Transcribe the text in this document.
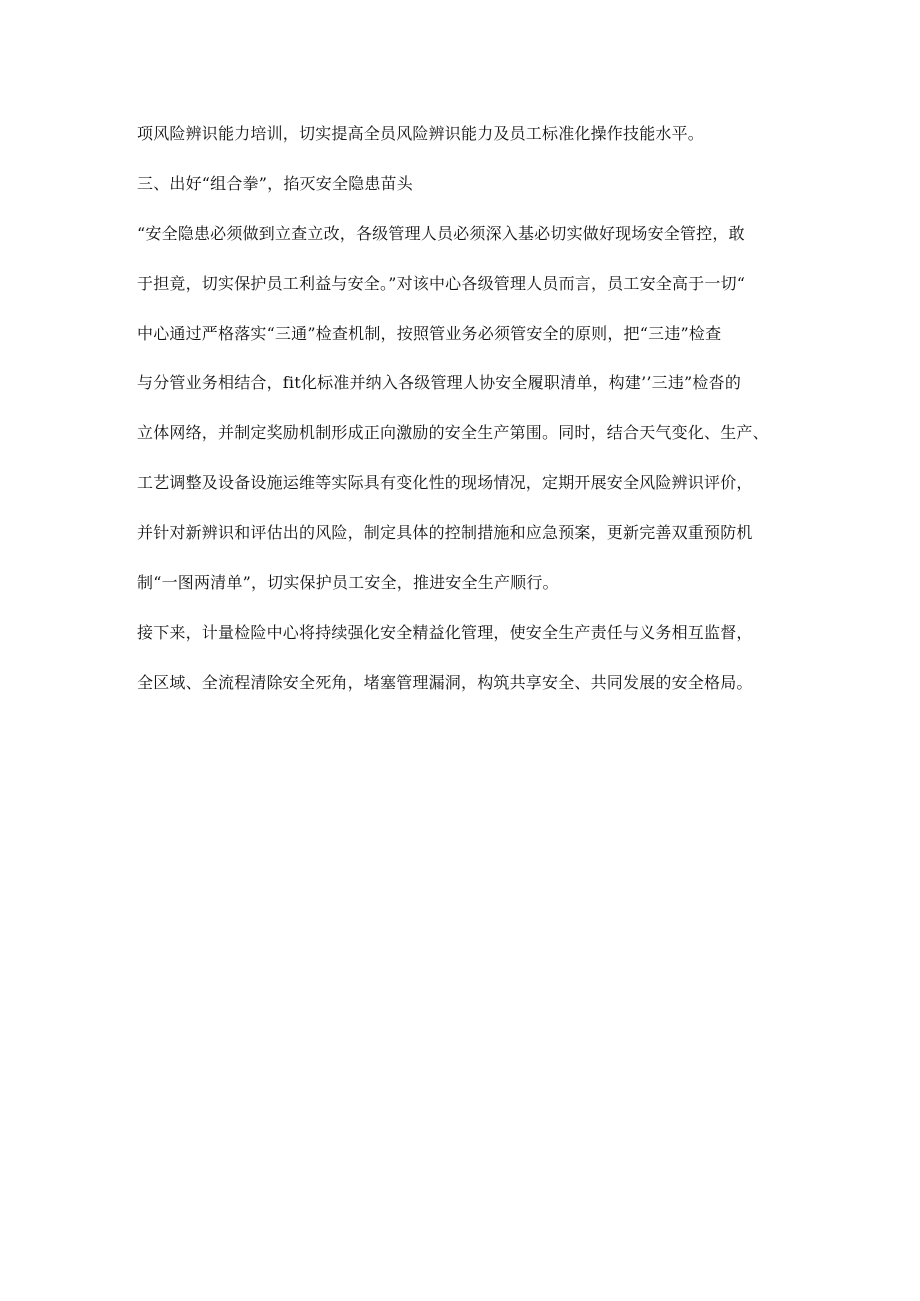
项风险辨识能力培训，切实提高全员风险辨识能力及员工标准化操作技能水平。
三、出好“组合拳”，掐灭安全隐患苗头
“安全隐患必须做到立查立改，各级管理人员必须深入基必切实做好现场安全管控，敢
于担竟，切实保护员工利益与安全。”对该中心各级管理人员而言，员工安全高于一切“
中心通过严格落实“三通”检查机制，按照管业务必须管安全的原则，把“三违”检查
与分管业务相结合，fit化标准并纳入各级管理人协安全履职清单，构建’’三违”检沓的
立体网络，并制定奖励机制形成正向激励的安全生产第围。同时，结合天气变化、生产、
工艺调整及设备设施运维等实际具有变化性的现场情况，定期开展安全风险辨识评价，
并针对新辨识和评估出的风险，制定具体的控制措施和应急预案，更新完善双重预防机
制“一图两清单”，切实保护员工安全，推进安全生产顺行。
接下来，计量检险中心将持续强化安全精益化管理，使安全生产责任与义务相互监督，
全区域、全流程清除安全死角，堵塞管理漏洞，构筑共享安全、共同发展的安全格局。
